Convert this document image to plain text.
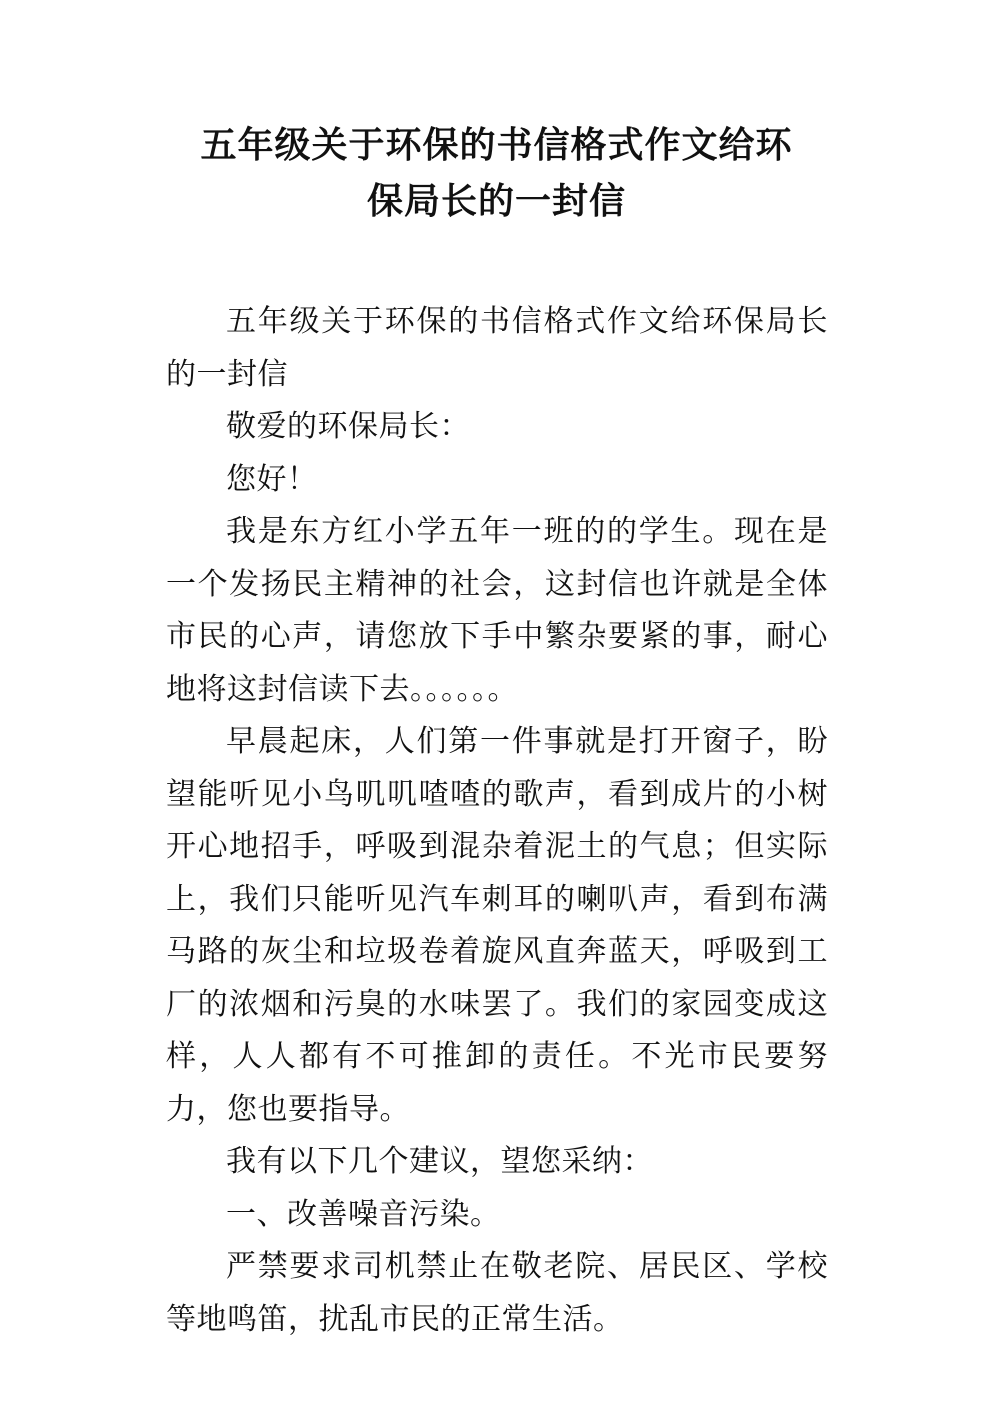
五年级关于环保的书信格式作文给环
保局长的一封信

五年级关于环保的书信格式作文给环保局长的一封信

敬爱的环保局长：

您好！

我是东方红小学五年一班的的学生。现在是一个发扬民主精神的社会，这封信也许就是全体市民的心声，请您放下手中繁杂要紧的事，耐心地将这封信读下去。。。。。。

早晨起床，人们第一件事就是打开窗子，盼望能听见小鸟叽叽喳喳的歌声，看到成片的小树开心地招手，呼吸到混杂着泥土的气息；但实际上，我们只能听见汽车刺耳的喇叭声，看到布满马路的灰尘和垃圾卷着旋风直奔蓝天，呼吸到工厂的浓烟和污臭的水味罢了。我们的家园变成这样，人人都有不可推卸的责任。不光市民要努力，您也要指导。

我有以下几个建议，望您采纳：

一、改善噪音污染。

严禁要求司机禁止在敬老院、居民区、学校等地鸣笛，扰乱市民的正常生活。
